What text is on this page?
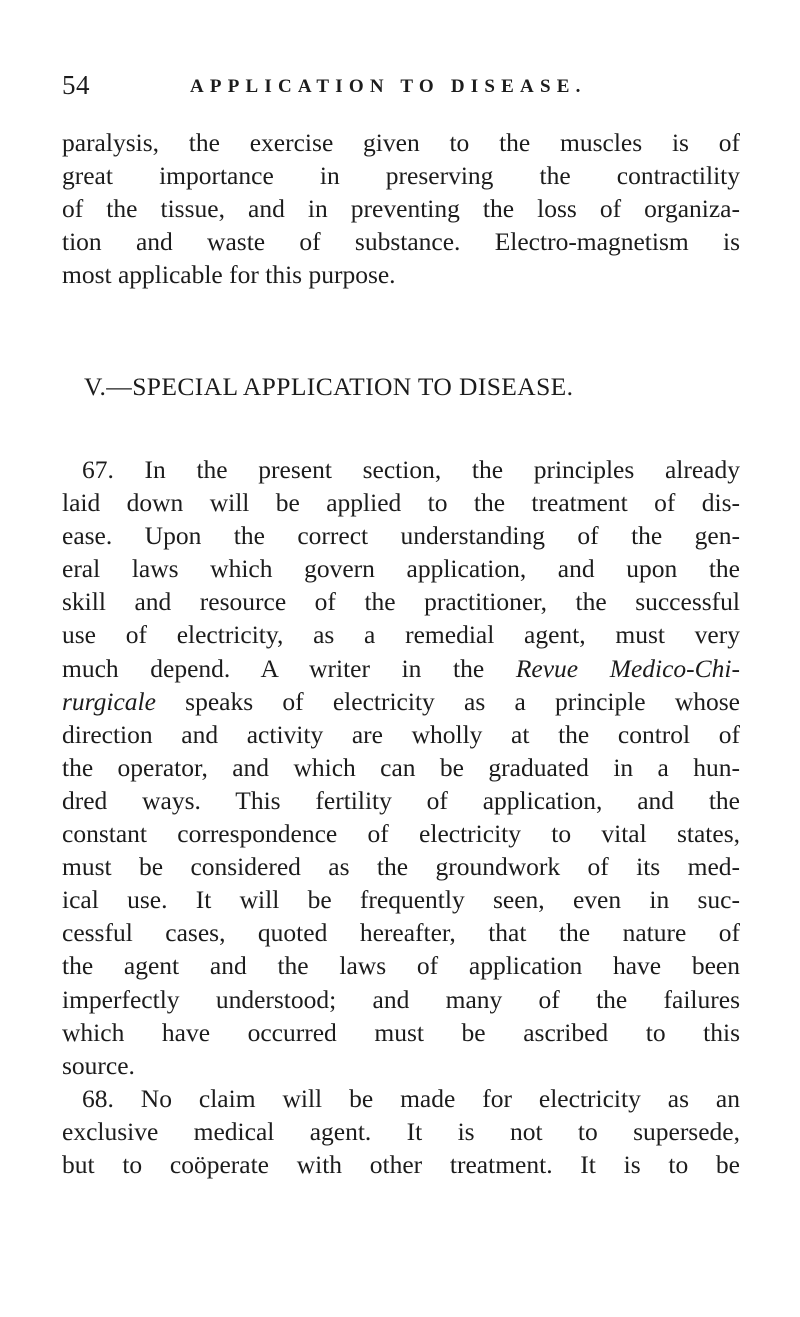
54	APPLICATION TO DISEASE.
paralysis, the exercise given to the muscles is of
great importance in preserving the contractility
of the tissue, and in preventing the loss of organiza-
tion and waste of substance. Electro-magnetism is
most applicable for this purpose.
V.—SPECIAL APPLICATION TO DISEASE.
67. In the present section, the principles already
laid down will be applied to the treatment of dis-
ease. Upon the correct understanding of the gen-
eral laws which govern application, and upon the
skill and resource of the practitioner, the successful
use of electricity, as a remedial agent, must very
much depend. A writer in the Revue Medico-Chi-
rurgicale speaks of electricity as a principle whose
direction and activity are wholly at the control of
the operator, and which can be graduated in a hun-
dred ways. This fertility of application, and the
constant correspondence of electricity to vital states,
must be considered as the groundwork of its med-
ical use. It will be frequently seen, even in suc-
cessful cases, quoted hereafter, that the nature of
the agent and the laws of application have been
imperfectly understood; and many of the failures
which have occurred must be ascribed to this
source.
68. No claim will be made for electricity as an
exclusive medical agent. It is not to supersede,
but to coöperate with other treatment. It is to be
